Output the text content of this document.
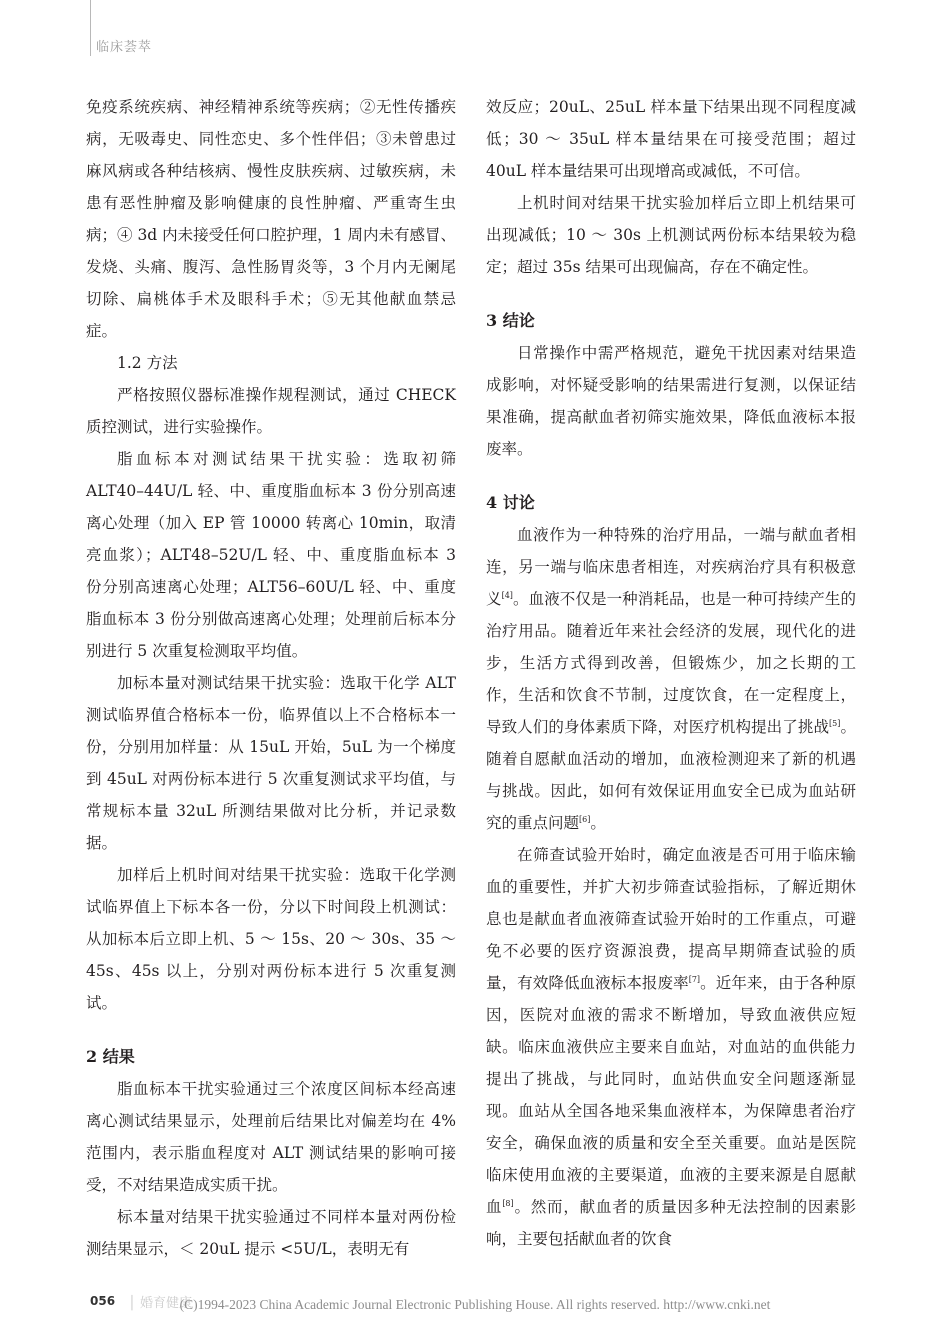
临床荟萃

免疫系统疾病、神经精神系统等疾病；②无性传播疾病，无吸毒史、同性恋史、多个性伴侣；③未曾患过麻风病或各种结核病、慢性皮肤疾病、过敏疾病，未患有恶性肿瘤及影响健康的良性肿瘤、严重寄生虫病；④ 3d 内未接受任何口腔护理，1 周内未有感冒、发烧、头痛、腹泻、急性肠胃炎等，3 个月内无阑尾切除、扁桃体手术及眼科手术；⑤无其他献血禁忌症。

1.2 方法

严格按照仪器标准操作规程测试，通过 CHECK 质控测试，进行实验操作。

脂血标本对测试结果干扰实验：选取初筛 ALT40–44U/L 轻、中、重度脂血标本 3 份分别高速离心处理（加入 EP 管 10000 转离心 10min，取清亮血浆）；ALT48–52U/L 轻、中、重度脂血标本 3 份分别高速离心处理；ALT56–60U/L 轻、中、重度脂血标本 3 份分别做高速离心处理；处理前后标本分别进行 5 次重复检测取平均值。

加标本量对测试结果干扰实验：选取干化学 ALT 测试临界值合格标本一份，临界值以上不合格标本一份，分别用加样量：从 15uL 开始，5uL 为一个梯度到 45uL 对两份标本进行 5 次重复测试求平均值，与常规标本量 32uL 所测结果做对比分析，并记录数据。

加样后上机时间对结果干扰实验：选取干化学测试临界值上下标本各一份，分以下时间段上机测试：从加标本后立即上机、5 ～ 15s、20 ～ 30s、35 ～ 45s、45s 以上，分别对两份标本进行 5 次重复测试。

2 结果

脂血标本干扰实验通过三个浓度区间标本经高速离心测试结果显示，处理前后结果比对偏差均在 4% 范围内，表示脂血程度对 ALT 测试结果的影响可接受，不对结果造成实质干扰。

标本量对结果干扰实验通过不同样本量对两份检测结果显示，＜ 20uL 提示 <5U/L，表明无有

效反应；20uL、25uL 样本量下结果出现不同程度减低；30 ～ 35uL 样本量结果在可接受范围；超过 40uL 样本量结果可出现增高或减低，不可信。

上机时间对结果干扰实验加样后立即上机结果可出现减低；10 ～ 30s 上机测试两份标本结果较为稳定；超过 35s 结果可出现偏高，存在不确定性。

3 结论

日常操作中需严格规范，避免干扰因素对结果造成影响，对怀疑受影响的结果需进行复测，以保证结果准确，提高献血者初筛实施效果，降低血液标本报废率。

4 讨论

血液作为一种特殊的治疗用品，一端与献血者相连，另一端与临床患者相连，对疾病治疗具有积极意义[4]。血液不仅是一种消耗品，也是一种可持续产生的治疗用品。随着近年来社会经济的发展，现代化的进步，生活方式得到改善，但锻炼少，加之长期的工作，生活和饮食不节制，过度饮食，在一定程度上，导致人们的身体素质下降，对医疗机构提出了挑战[5]。随着自愿献血活动的增加，血液检测迎来了新的机遇与挑战。因此，如何有效保证用血安全已成为血站研究的重点问题[6]。

在筛查试验开始时，确定血液是否可用于临床输血的重要性，并扩大初步筛查试验指标，了解近期休息也是献血者血液筛查试验开始时的工作重点，可避免不必要的医疗资源浪费，提高早期筛查试验的质量，有效降低血液标本报废率[7]。近年来，由于各种原因，医院对血液的需求不断增加，导致血液供应短缺。临床血液供应主要来自血站，对血站的血供能力提出了挑战，与此同时，血站供血安全问题逐渐显现。血站从全国各地采集血液样本，为保障患者治疗安全，确保血液的质量和安全至关重要。血站是医院临床使用血液的主要渠道，血液的主要来源是自愿献血[8]。然而，献血者的质量因多种无法控制的因素影响，主要包括献血者的饮食

056 │ 婚育健康
(C)1994-2023 China Academic Journal Electronic Publishing House. All rights reserved. http://www.cnki.net
